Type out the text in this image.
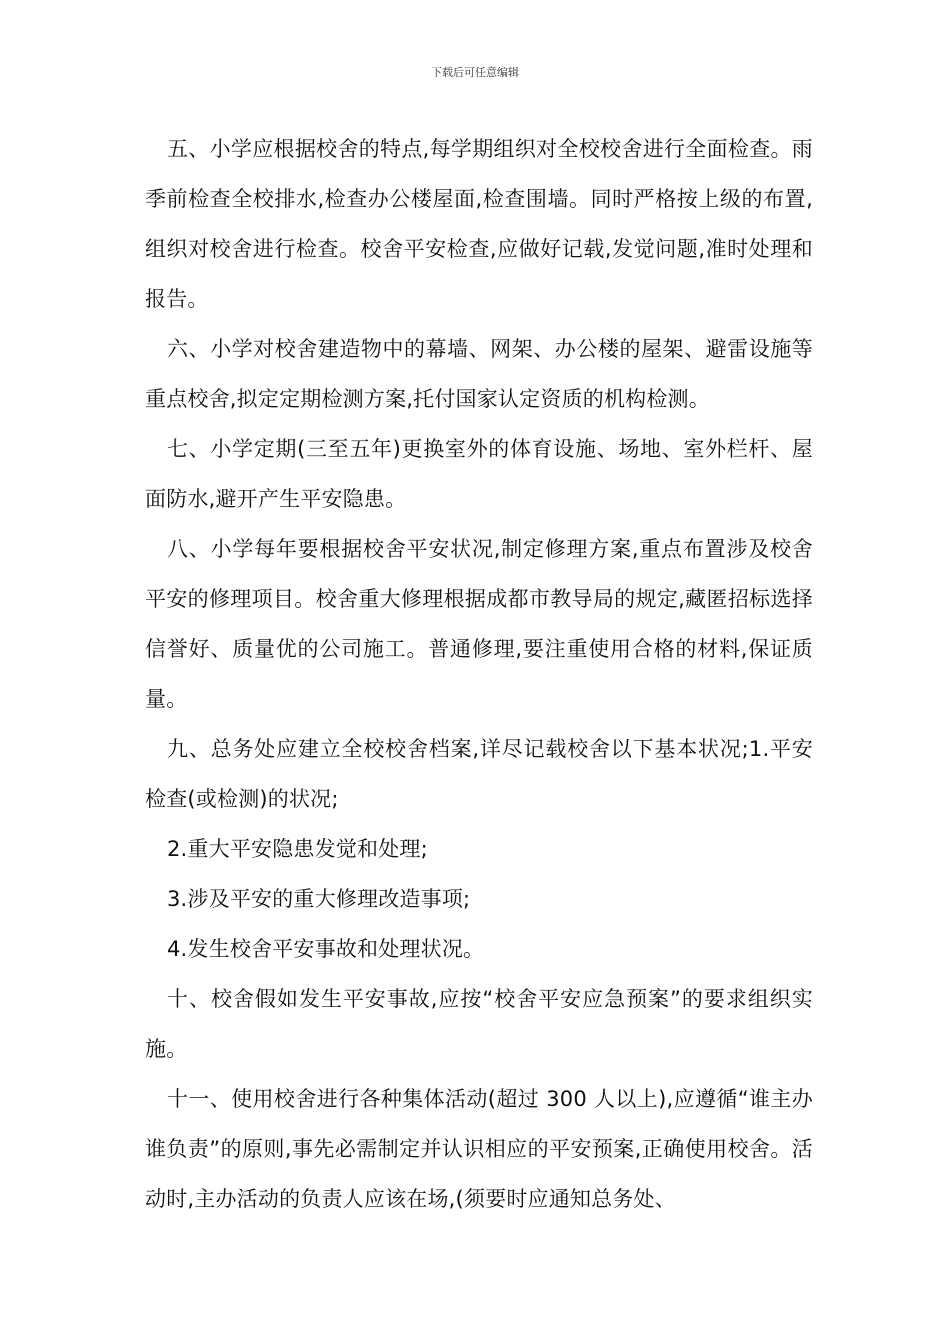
下载后可任意编辑

五、小学应根据校舍的特点,每学期组织对全校校舍进行全面检查。雨季前检查全校排水,检查办公楼屋面,检查围墙。同时严格按上级的布置,组织对校舍进行检查。校舍平安检查,应做好记载,发觉问题,准时处理和报告。

六、小学对校舍建造物中的幕墙、网架、办公楼的屋架、避雷设施等重点校舍,拟定定期检测方案,托付国家认定资质的机构检测。

七、小学定期(三至五年)更换室外的体育设施、场地、室外栏杆、屋面防水,避开产生平安隐患。

八、小学每年要根据校舍平安状况,制定修理方案,重点布置涉及校舍平安的修理项目。校舍重大修理根据成都市教导局的规定,藏匿招标选择信誉好、质量优的公司施工。普通修理,要注重使用合格的材料,保证质量。

九、总务处应建立全校校舍档案,详尽记载校舍以下基本状况;1.平安检查(或检测)的状况;

2.重大平安隐患发觉和处理;

3.涉及平安的重大修理改造事项;

4.发生校舍平安事故和处理状况。

十、校舍假如发生平安事故,应按“校舍平安应急预案”的要求组织实施。

十一、使用校舍进行各种集体活动(超过 300 人以上),应遵循“谁主办谁负责”的原则,事先必需制定并认识相应的平安预案,正确使用校舍。活动时,主办活动的负责人应该在场,(须要时应通知总务处、
